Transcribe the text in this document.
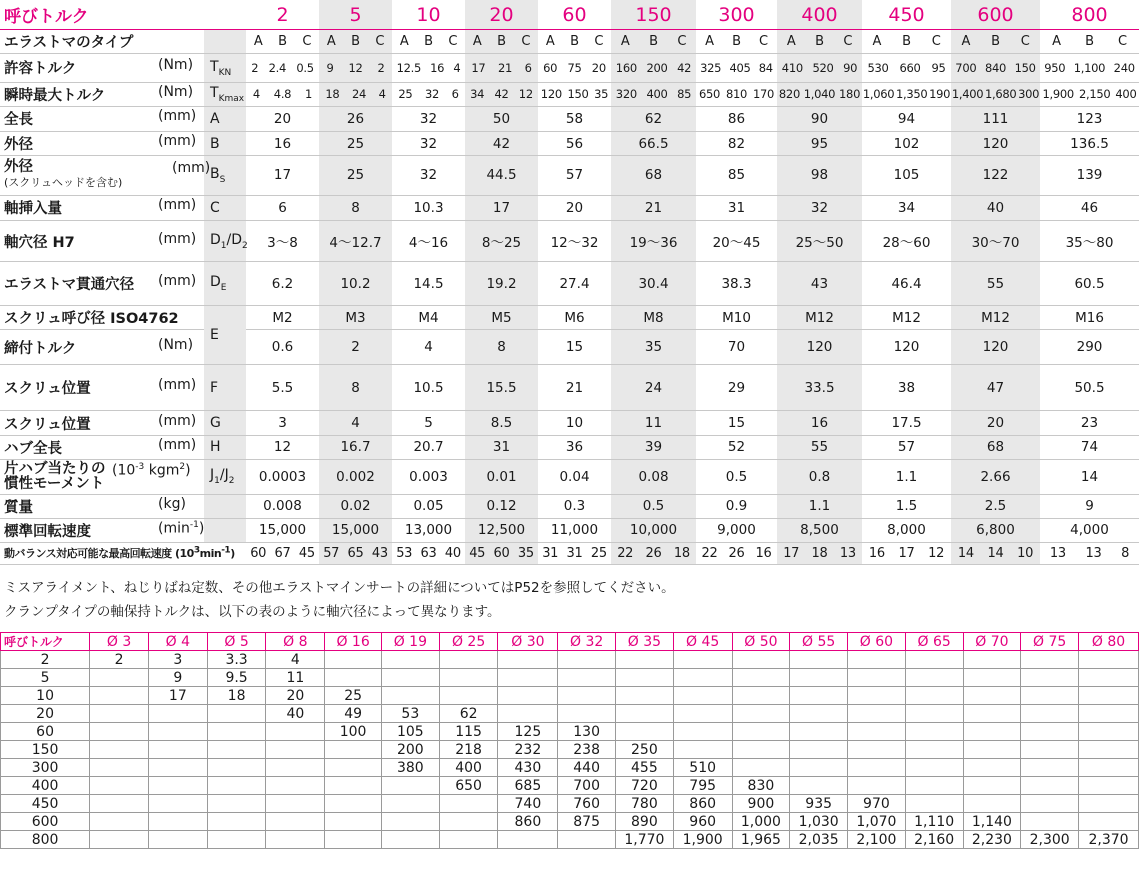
呼びトルク		2	5	10	20	60	150	300	400	450	600	800
エラストマのタイプ		A B C	A B C	A B C	A B C	A B C	A B C	A B C	A B C	A B C	A B C	A B C

許容トルク (Nm)	$T_{KN}$	2 2.4 0.5	9 12 2	12.5 16 4	17 21 6	60 75 20	160 200 42	325 405 84	410 520 90	530 660 95	700 840 150	950 1,100 240

瞬時最大トルク (Nm)	$T_{Kmax}$	4 4.8 1	18 24 4	25 32 6	34 42 12	120 150 35	320 400 85	650 810 170	820 1,040 180	1,060 1,350 190	1,400 1,680 300	1,900 2,150 400

全長 (mm)	A	20	26	32	50	58	62	86	90	94	111	123
外径 (mm)	B	16	25	32	42	56	66.5	82	95	102	120	136.5
外径
(スクリュヘッドを含む)
(mm)	$B_S$	17	25	32	44.5	57	68	85	98	105	122	139
軸挿入量 (mm)	C	6	8	10.3	17	20	21	31	32	34	40	46
軸穴径 H7 (mm)	$D_1/D_2$	3～8	4～12.7	4～16	8～25	12～32	19～36	20～45	25～50	28～60	30～70	35～80
エラストマ貫通穴径 (mm)	$D_E$	6.2	10.2	14.5	19.2	27.4	30.4	38.3	43	46.4	55	60.5
スクリュ呼び径 ISO4762	E	M2	M3	M4	M5	M6	M8	M10	M12	M12	M12	M16
締付トルク (Nm)		0.6	2	4	8	15	35	70	120	120	120	290
スクリュ位置 (mm)	F	5.5	8	10.5	15.5	21	24	29	33.5	38	47	50.5
スクリュ位置 (mm)	G	3	4	5	8.5	10	11	15	16	17.5	20	23
ハブ全長 (mm)	H	12	16.7	20.7	31	36	39	52	55	57	68	74
片ハブ当たりの
慣性モーメント
($10^{-3}$ kgm$^2$)	$J_1/J_2$	0.0003	0.002	0.003	0.01	0.04	0.08	0.5	0.8	1.1	2.66	14
質量 (kg)		0.008	0.02	0.05	0.12	0.3	0.5	0.9	1.1	1.5	2.5	9
標準回転速度 $(\min^{-1})$		15,000	15,000	13,000	12,500	11,000	10,000	9,000	8,500	8,000	6,800	4,000
動バランス対応可能な最高回転速度 $(10^3\min^{-1})$		60 67 45	57 65 43	53 63 40	45 60 35	31 31 25	22 26 18	22 26 16	17 18 13	16 17 12	14 14 10	13 13 8
ミスアライメント、ねじりばね定数、その他エラストマインサートの詳細についてはP52を参照してください。
クランプタイプの軸保持トルクは、以下の表のように軸穴径によって異なります。
呼びトルク	Ø 3	Ø 4	Ø 5	Ø 8	Ø 16	Ø 19	Ø 25	Ø 30	Ø 32	Ø 35	Ø 45	Ø 50	Ø 55	Ø 60	Ø 65	Ø 70	Ø 75	Ø 80
2	2	3	3.3	4														
5		9	9.5	11														
10		17	18	20	25													
20				40	49	53	62											
60					100	105	115	125	130									
150						200	218	232	238	250								
300						380	400	430	440	455	510							
400							650	685	700	720	795	830						
450								740	760	780	860	900	935	970				
600								860	875	890	960	1,000	1,030	1,070	1,110	1,140		
800										1,770	1,900	1,965	2,035	2,100	2,160	2,230	2,300	2,370
